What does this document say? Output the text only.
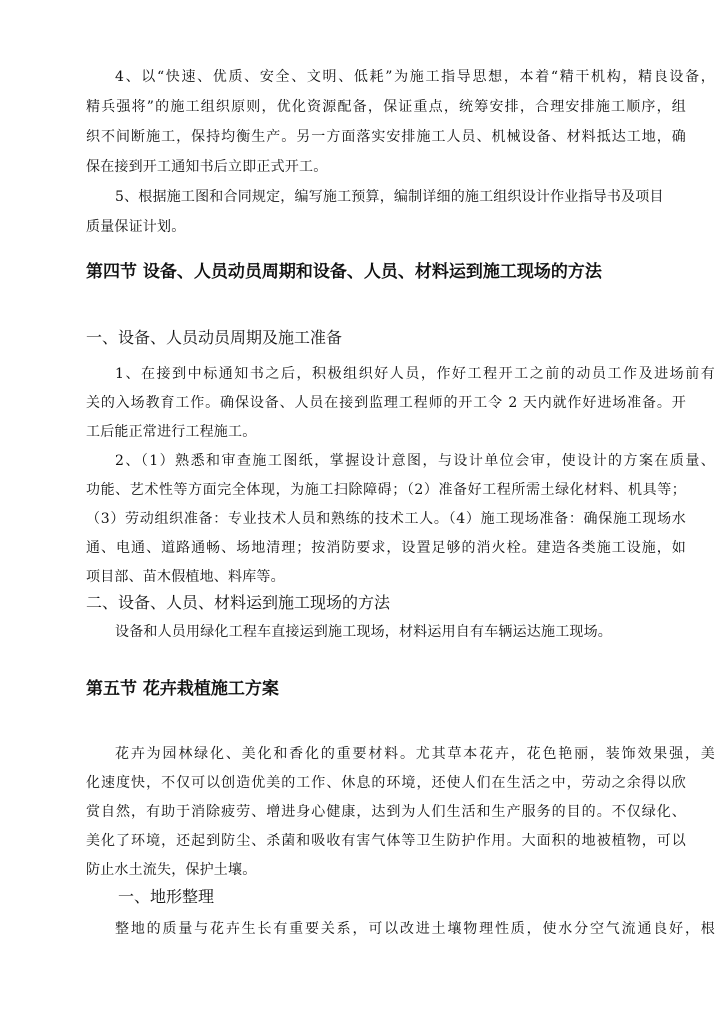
4、以“快速、优质、安全、文明、低耗”为施工指导思想，本着“精干机构，精良设备，
精兵强将”的施工组织原则，优化资源配备，保证重点，统筹安排，合理安排施工顺序，组
织不间断施工，保持均衡生产。另一方面落实安排施工人员、机械设备、材料抵达工地，确
保在接到开工通知书后立即正式开工。
5、根据施工图和合同规定，编写施工预算，编制详细的施工组织设计作业指导书及项目
质量保证计划。
第四节 设备、人员动员周期和设备、人员、材料运到施工现场的方法
一、设备、人员动员周期及施工准备
1、在接到中标通知书之后，积极组织好人员，作好工程开工之前的动员工作及进场前有
关的入场教育工作。确保设备、人员在接到监理工程师的开工令 2 天内就作好进场准备。开
工后能正常进行工程施工。
2、（1）熟悉和审查施工图纸，掌握设计意图，与设计单位会审，使设计的方案在质量、
功能、艺术性等方面完全体现，为施工扫除障碍；（2）准备好工程所需土绿化材料、机具等；
（3）劳动组织准备：专业技术人员和熟练的技术工人。（4）施工现场准备：确保施工现场水
通、电通、道路通畅、场地清理；按消防要求，设置足够的消火栓。建造各类施工设施，如
项目部、苗木假植地、料库等。
二、设备、人员、材料运到施工现场的方法
设备和人员用绿化工程车直接运到施工现场，材料运用自有车辆运达施工现场。
第五节 花卉栽植施工方案
花卉为园林绿化、美化和香化的重要材料。尤其草本花卉，花色艳丽，装饰效果强，美
化速度快，不仅可以创造优美的工作、休息的环境，还使人们在生活之中，劳动之余得以欣
赏自然，有助于消除疲劳、增进身心健康，达到为人们生活和生产服务的目的。不仅绿化、
美化了环境，还起到防尘、杀菌和吸收有害气体等卫生防护作用。大面积的地被植物，可以
防止水土流失，保护土壤。
一、地形整理
整地的质量与花卉生长有重要关系，可以改进土壤物理性质，使水分空气流通良好，根
